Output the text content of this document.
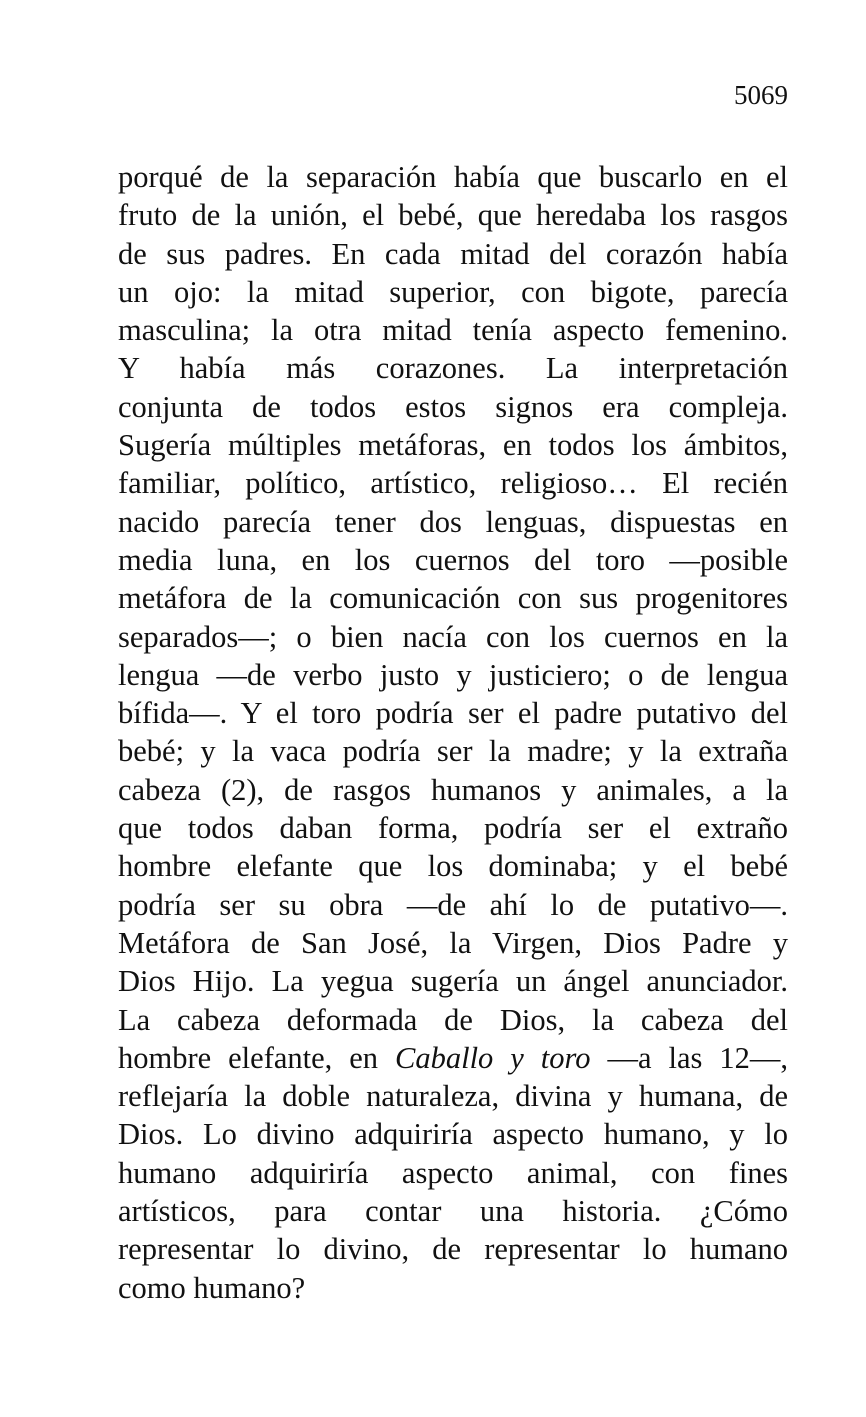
5069
porqué de la separación había que buscarlo en el
fruto de la unión, el bebé, que heredaba los rasgos
de sus padres. En cada mitad del corazón había
un ojo: la mitad superior, con bigote, parecía
masculina; la otra mitad tenía aspecto femenino.
Y había más corazones. La interpretación
conjunta de todos estos signos era compleja.
Sugería múltiples metáforas, en todos los ámbitos,
familiar, político, artístico, religioso… El recién
nacido parecía tener dos lenguas, dispuestas en
media luna, en los cuernos del toro —posible
metáfora de la comunicación con sus progenitores
separados—; o bien nacía con los cuernos en la
lengua —de verbo justo y justiciero; o de lengua
bífida—. Y el toro podría ser el padre putativo del
bebé; y la vaca podría ser la madre; y la extraña
cabeza (2), de rasgos humanos y animales, a la
que todos daban forma, podría ser el extraño
hombre elefante que los dominaba; y el bebé
podría ser su obra —de ahí lo de putativo—.
Metáfora de San José, la Virgen, Dios Padre y
Dios Hijo. La yegua sugería un ángel anunciador.
La cabeza deformada de Dios, la cabeza del
hombre elefante, en Caballo y toro —a las 12—,
reflejaría la doble naturaleza, divina y humana, de
Dios. Lo divino adquiriría aspecto humano, y lo
humano adquiriría aspecto animal, con fines
artísticos, para contar una historia. ¿Cómo
representar lo divino, de representar lo humano
como humano?
